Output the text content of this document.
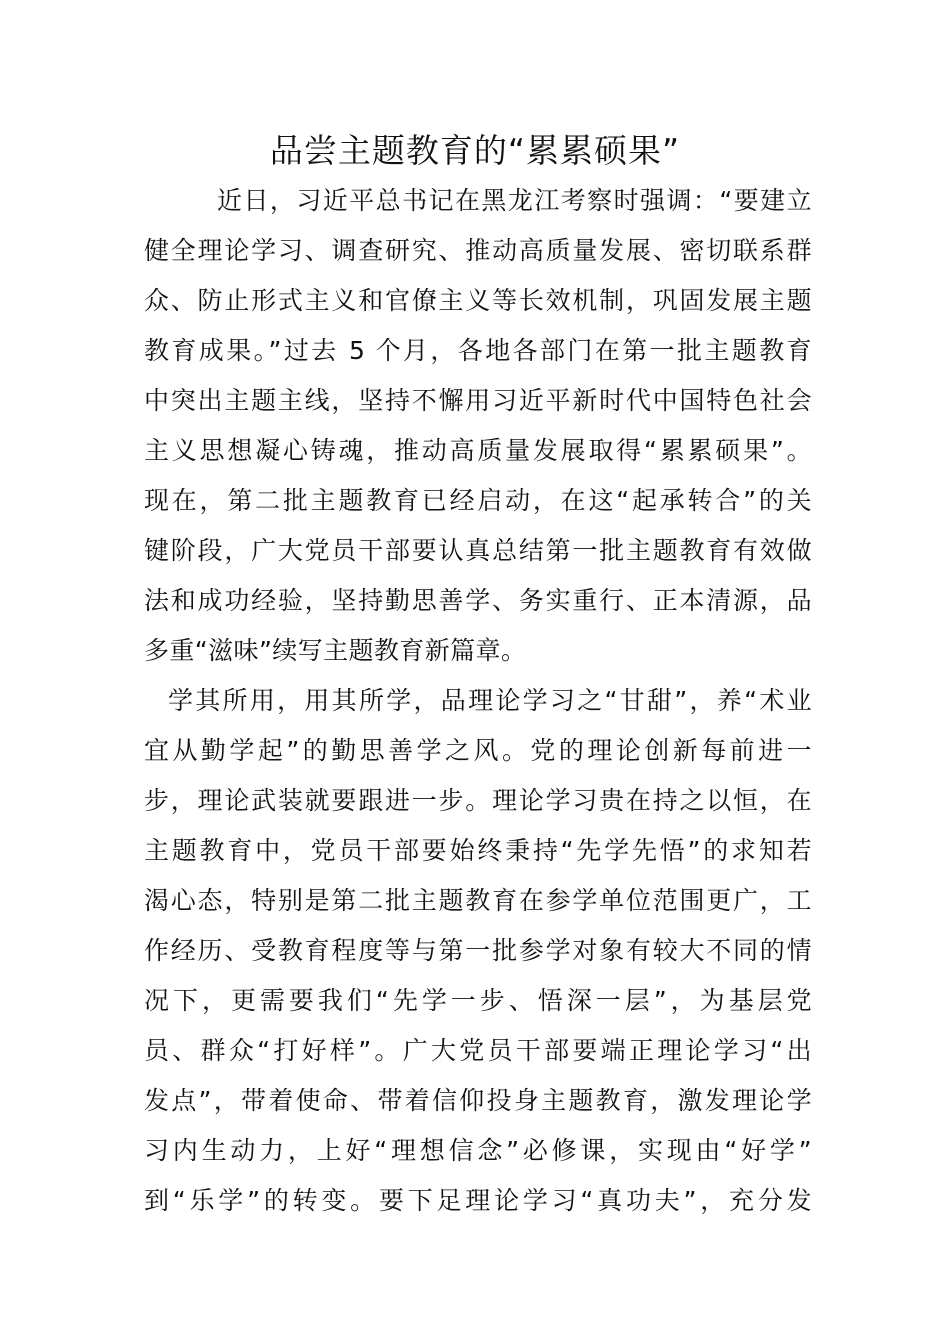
品尝主题教育的“累累硕果”
近日，习近平总书记在黑龙江考察时强调：“要建立
健全理论学习、调查研究、推动高质量发展、密切联系群
众、防止形式主义和官僚主义等长效机制，巩固发展主题
教育成果。”过去 5 个月，各地各部门在第一批主题教育
中突出主题主线，坚持不懈用习近平新时代中国特色社会
主义思想凝心铸魂，推动高质量发展取得“累累硕果”。
现在，第二批主题教育已经启动，在这“起承转合”的关
键阶段，广大党员干部要认真总结第一批主题教育有效做
法和成功经验，坚持勤思善学、务实重行、正本清源，品
多重“滋味”续写主题教育新篇章。
学其所用，用其所学，品理论学习之“甘甜”，养“术业
宜从勤学起”的勤思善学之风。党的理论创新每前进一
步，理论武装就要跟进一步。理论学习贵在持之以恒，在
主题教育中，党员干部要始终秉持“先学先悟”的求知若
渴心态，特别是第二批主题教育在参学单位范围更广，工
作经历、受教育程度等与第一批参学对象有较大不同的情
况下，更需要我们“先学一步、悟深一层”，为基层党
员、群众“打好样”。广大党员干部要端正理论学习“出
发点”，带着使命、带着信仰投身主题教育，激发理论学
习内生动力，上好“理想信念”必修课，实现由“好学”
到“乐学”的转变。要下足理论学习“真功夫”，充分发
